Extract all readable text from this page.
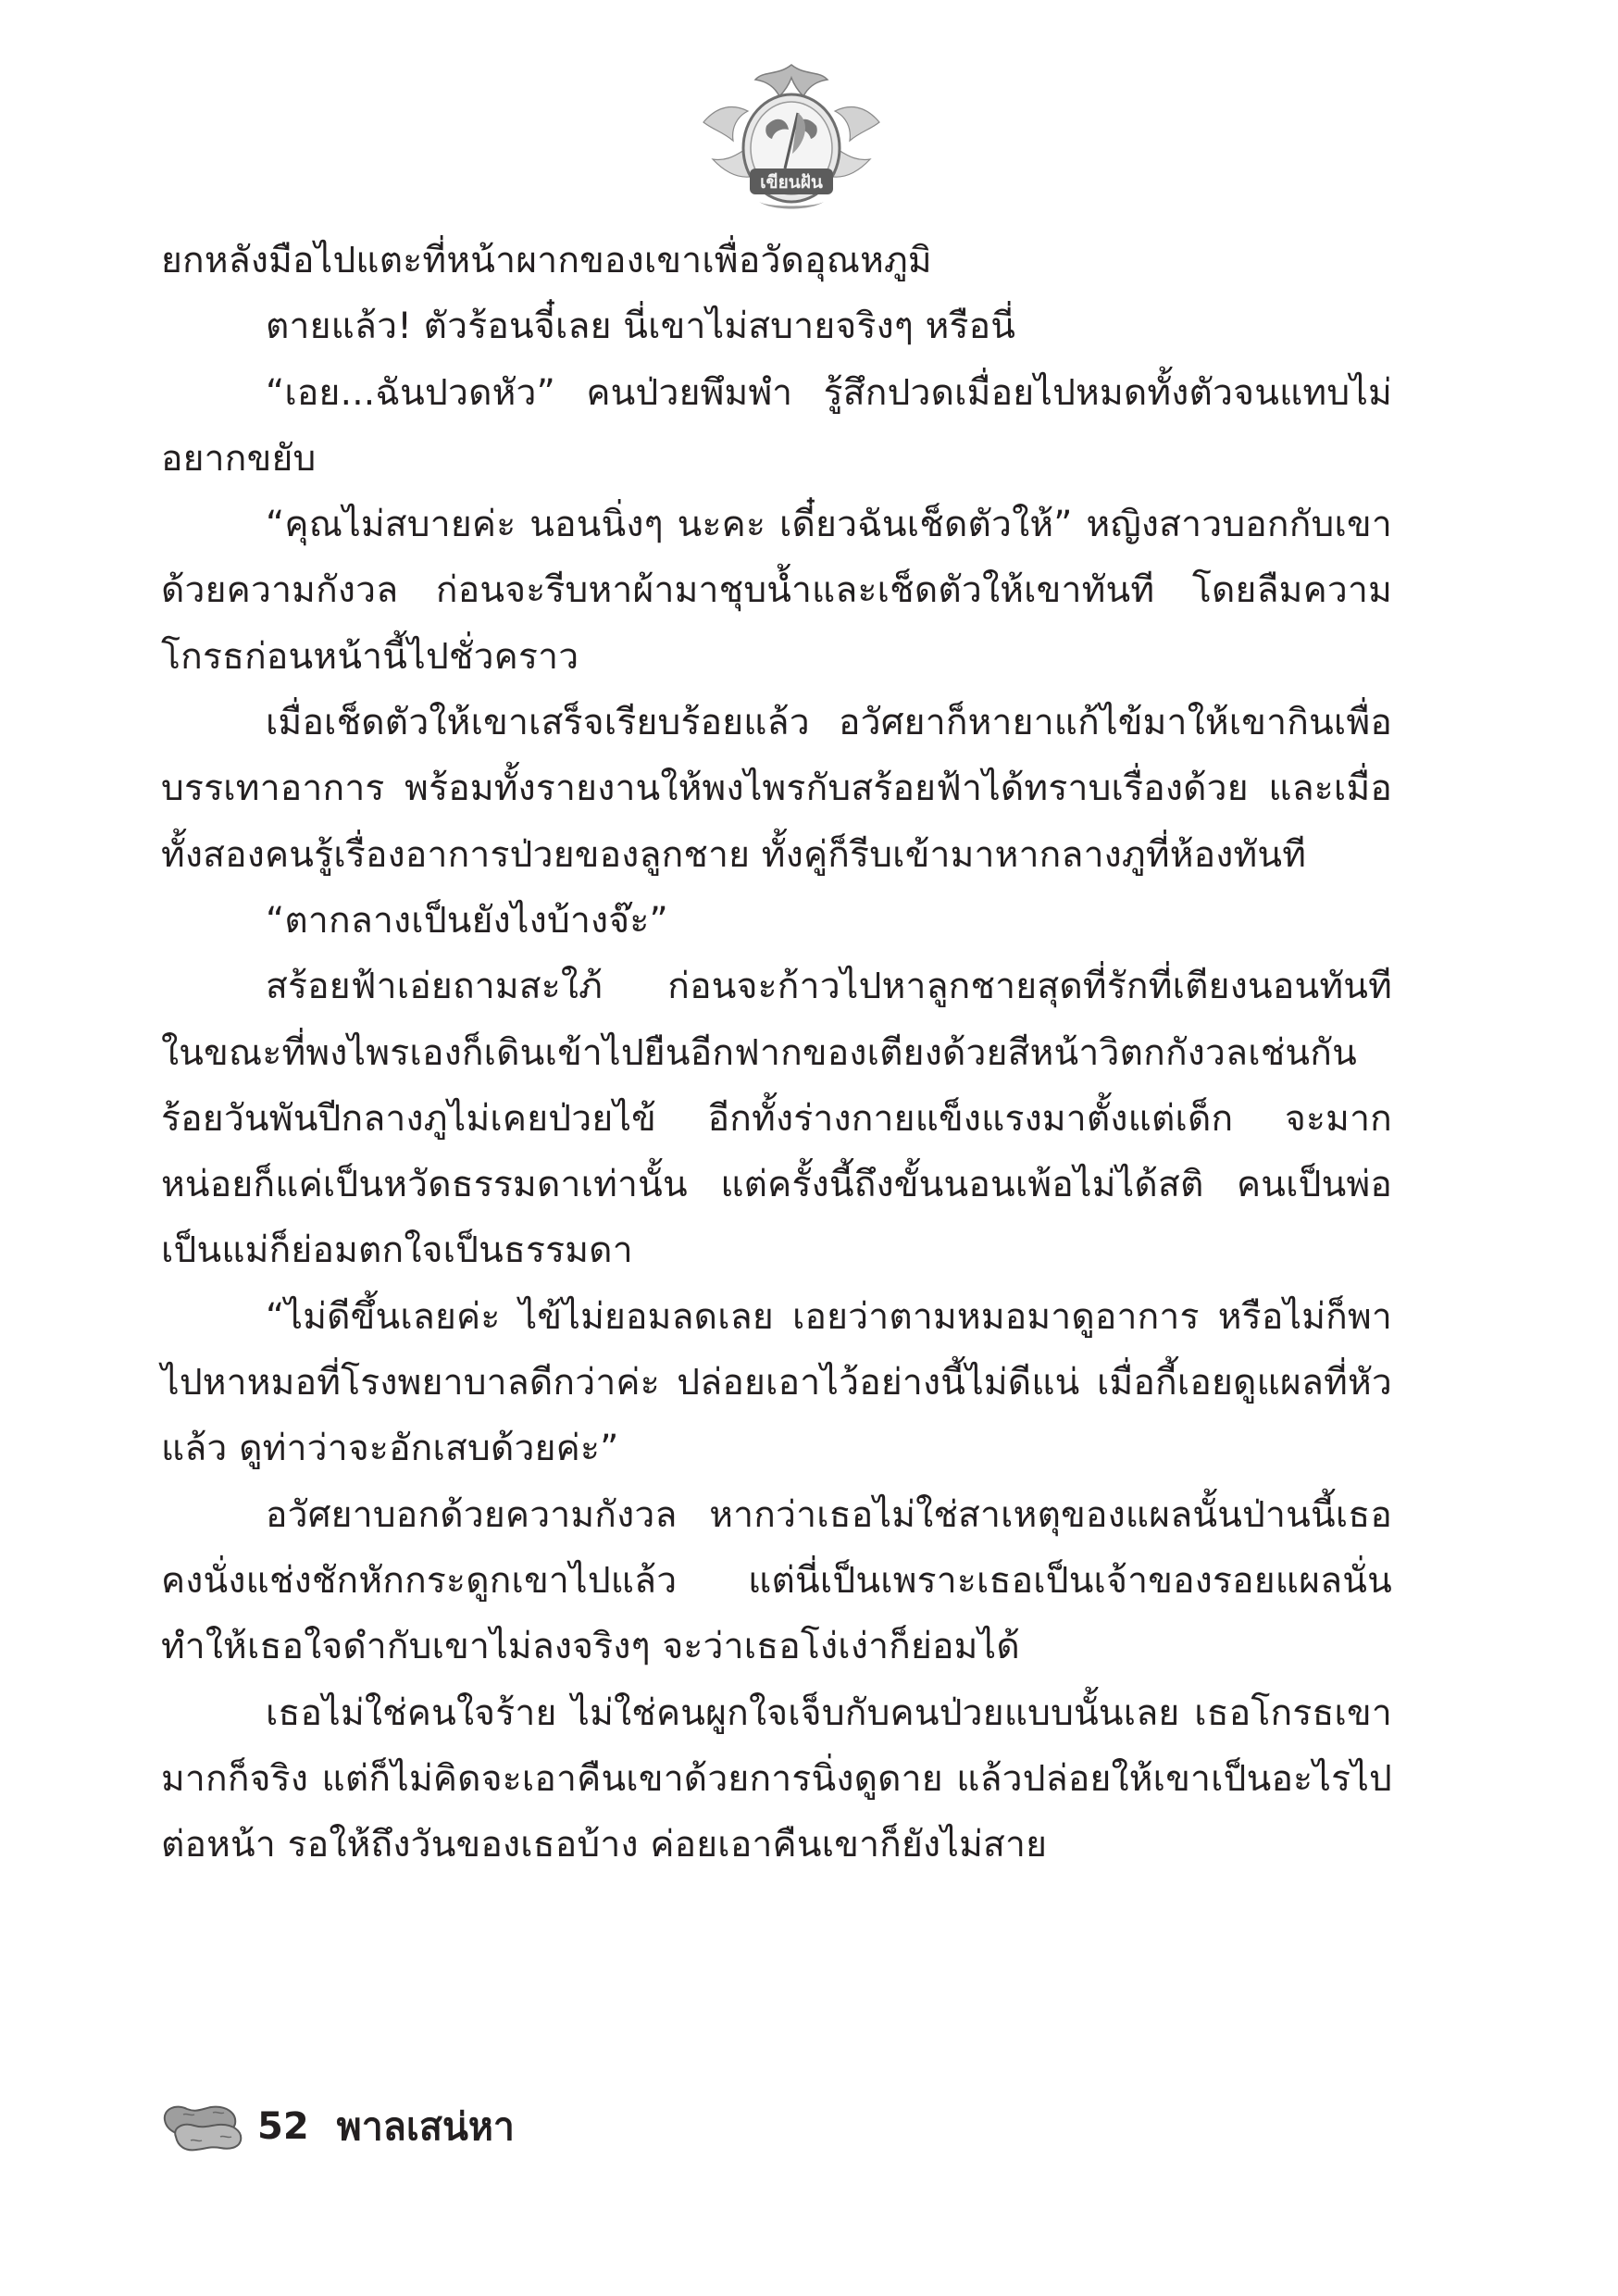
เขียนฝัน

ยกหลังมือไปแตะที่หน้าผากของเขาเพื่อวัดอุณหภูมิ

ตายแล้ว! ตัวร้อนจี๋เลย นี่เขาไม่สบายจริงๆ หรือนี่

“เอย...ฉันปวดหัว” คนป่วยพึมพำ รู้สึกปวดเมื่อยไปหมดทั้งตัวจนแทบไม่อยากขยับ

“คุณไม่สบายค่ะ นอนนิ่งๆ นะคะ เดี๋ยวฉันเช็ดตัวให้” หญิงสาวบอกกับเขาด้วยความกังวล ก่อนจะรีบหาผ้ามาชุบน้ำและเช็ดตัวให้เขาทันที โดยลืมความโกรธก่อนหน้านี้ไปชั่วคราว

เมื่อเช็ดตัวให้เขาเสร็จเรียบร้อยแล้ว อวัศยาก็หายาแก้ไข้มาให้เขากินเพื่อบรรเทาอาการ พร้อมทั้งรายงานให้พงไพรกับสร้อยฟ้าได้ทราบเรื่องด้วย และเมื่อทั้งสองคนรู้เรื่องอาการป่วยของลูกชาย ทั้งคู่ก็รีบเข้ามาหากลางภูที่ห้องทันที

“ตากลางเป็นยังไงบ้างจ๊ะ”

สร้อยฟ้าเอ่ยถามสะใภ้ ก่อนจะก้าวไปหาลูกชายสุดที่รักที่เตียงนอนทันที ในขณะที่พงไพรเองก็เดินเข้าไปยืนอีกฟากของเตียงด้วยสีหน้าวิตกกังวลเช่นกัน ร้อยวันพันปีกลางภูไม่เคยป่วยไข้ อีกทั้งร่างกายแข็งแรงมาตั้งแต่เด็ก จะมากหน่อยก็แค่เป็นหวัดธรรมดาเท่านั้น แต่ครั้งนี้ถึงขั้นนอนเพ้อไม่ได้สติ คนเป็นพ่อเป็นแม่ก็ย่อมตกใจเป็นธรรมดา

“ไม่ดีขึ้นเลยค่ะ ไข้ไม่ยอมลดเลย เอยว่าตามหมอมาดูอาการ หรือไม่ก็พาไปหาหมอที่โรงพยาบาลดีกว่าค่ะ ปล่อยเอาไว้อย่างนี้ไม่ดีแน่ เมื่อกี้เอยดูแผลที่หัวแล้ว ดูท่าว่าจะอักเสบด้วยค่ะ”

อวัศยาบอกด้วยความกังวล หากว่าเธอไม่ใช่สาเหตุของแผลนั้นป่านนี้เธอคงนั่งแช่งชักหักกระดูกเขาไปแล้ว แต่นี่เป็นเพราะเธอเป็นเจ้าของรอยแผลนั่น ทำให้เธอใจดำกับเขาไม่ลงจริงๆ จะว่าเธอโง่เง่าก็ย่อมได้

เธอไม่ใช่คนใจร้าย ไม่ใช่คนผูกใจเจ็บกับคนป่วยแบบนั้นเลย เธอโกรธเขามากก็จริง แต่ก็ไม่คิดจะเอาคืนเขาด้วยการนิ่งดูดาย แล้วปล่อยให้เขาเป็นอะไรไปต่อหน้า รอให้ถึงวันของเธอบ้าง ค่อยเอาคืนเขาก็ยังไม่สาย

52 พาลเสน่หา
